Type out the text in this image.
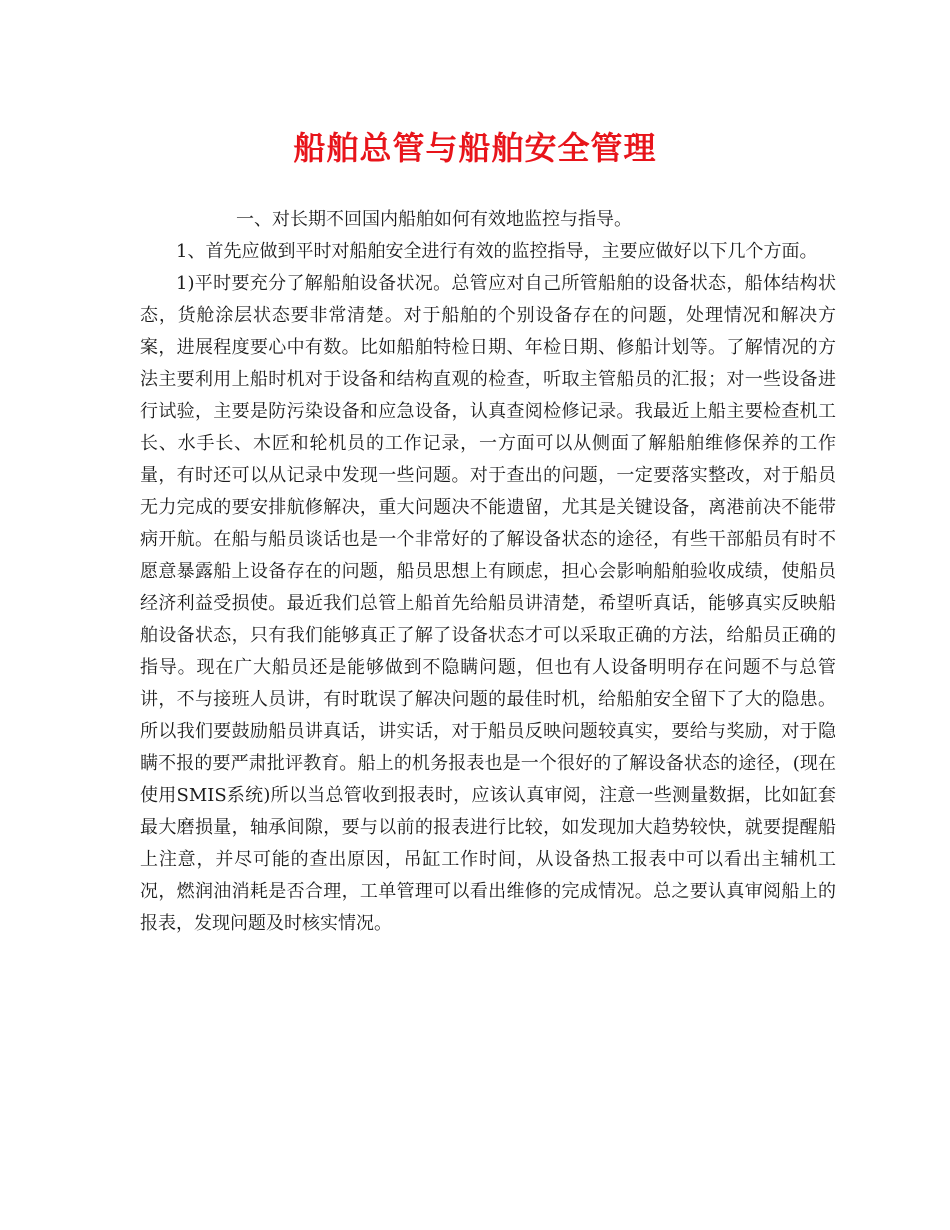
船舶总管与船舶安全管理

一、对长期不回国内船舶如何有效地监控与指导。

1、首先应做到平时对船舶安全进行有效的监控指导，主要应做好以下几个方面。

1)平时要充分了解船舶设备状况。总管应对自己所管船舶的设备状态，船体结构状态，货舱涂层状态要非常清楚。对于船舶的个别设备存在的问题，处理情况和解决方案，进展程度要心中有数。比如船舶特检日期、年检日期、修船计划等。了解情况的方法主要利用上船时机对于设备和结构直观的检查，听取主管船员的汇报；对一些设备进行试验，主要是防污染设备和应急设备，认真查阅检修记录。我最近上船主要检查机工长、水手长、木匠和轮机员的工作记录，一方面可以从侧面了解船舶维修保养的工作量，有时还可以从记录中发现一些问题。对于查出的问题，一定要落实整改，对于船员无力完成的要安排航修解决，重大问题决不能遗留，尤其是关键设备，离港前决不能带病开航。在船与船员谈话也是一个非常好的了解设备状态的途径，有些干部船员有时不愿意暴露船上设备存在的问题，船员思想上有顾虑，担心会影响船舶验收成绩，使船员经济利益受损使。最近我们总管上船首先给船员讲清楚，希望听真话，能够真实反映船舶设备状态，只有我们能够真正了解了设备状态才可以采取正确的方法，给船员正确的指导。现在广大船员还是能够做到不隐瞒问题，但也有人设备明明存在问题不与总管讲，不与接班人员讲，有时耽误了解决问题的最佳时机，给船舶安全留下了大的隐患。所以我们要鼓励船员讲真话，讲实话，对于船员反映问题较真实，要给与奖励，对于隐瞒不报的要严肃批评教育。船上的机务报表也是一个很好的了解设备状态的途径，(现在使用SMIS系统)所以当总管收到报表时，应该认真审阅，注意一些测量数据，比如缸套最大磨损量，轴承间隙，要与以前的报表进行比较，如发现加大趋势较快，就要提醒船上注意，并尽可能的查出原因，吊缸工作时间，从设备热工报表中可以看出主辅机工况，燃润油消耗是否合理，工单管理可以看出维修的完成情况。总之要认真审阅船上的报表，发现问题及时核实情况。
